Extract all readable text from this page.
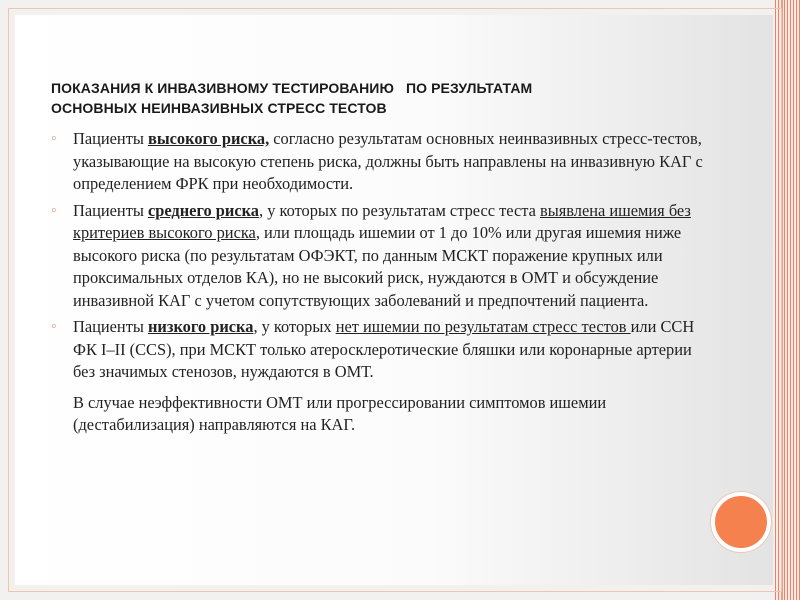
ПОКАЗАНИЯ К ИНВАЗИВНОМУ ТЕСТИРОВАНИЮ   ПО РЕЗУЛЬТАТАМ
ОСНОВНЫХ НЕИНВАЗИВНЫХ СТРЕСС ТЕСТОВ

◦ Пациенты высокого риска, согласно результатам основных неинвазивных стресс-тестов, указывающие на высокую степень риска, должны быть направлены на инвазивную КАГ с определением ФРК при необходимости.

◦ Пациенты среднего риска, у которых по результатам стресс теста выявлена ишемия без критериев высокого риска, или площадь ишемии от 1 до 10% или другая ишемия ниже высокого риска (по результатам ОФЭКТ, по данным МСКТ поражение крупных или проксимальных отделов КА), но не высокий риск, нуждаются в ОМТ и обсуждение инвазивной КАГ с учетом сопутствующих заболеваний и предпочтений пациента.

◦ Пациенты низкого риска, у которых нет ишемии по результатам стресс тестов или ССН ФК I–II (CCS), при МСКТ только атеросклеротические бляшки или коронарные артерии без значимых стенозов, нуждаются в ОМТ.

В случае неэффективности ОМТ или прогрессировании симптомов ишемии (дестабилизация) направляются на КАГ.
